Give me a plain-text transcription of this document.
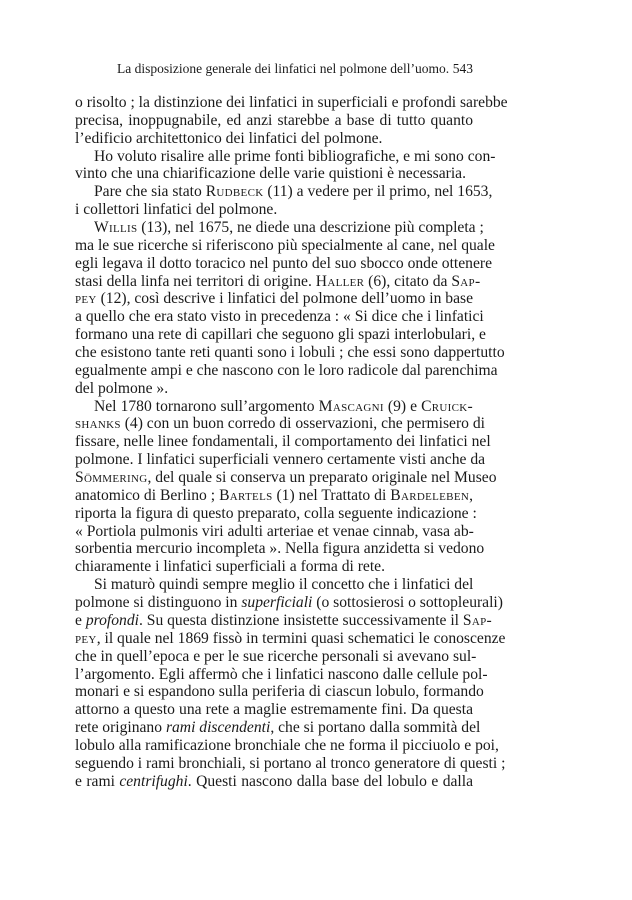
La disposizione generale dei linfatici nel polmone dell’uomo. 543
o risolto ; la distinzione dei linfatici in superficiali e profondi sarebbe
precisa, inoppugnabile, ed anzi starebbe a base di tutto quanto
l’edificio architettonico dei linfatici del polmone.
Ho voluto risalire alle prime fonti bibliografiche, e mi sono con-
vinto che una chiarificazione delle varie quistioni è necessaria.
Pare che sia stato Rudbeck (11) a vedere per il primo, nel 1653,
i collettori linfatici del polmone.
Willis (13), nel 1675, ne diede una descrizione più completa ;
ma le sue ricerche si riferiscono più specialmente al cane, nel quale
egli legava il dotto toracico nel punto del suo sbocco onde ottenere
stasi della linfa nei territori di origine. Haller (6), citato da Sap-
pey (12), così descrive i linfatici del polmone dell’uomo in base
a quello che era stato visto in precedenza : « Si dice che i linfatici
formano una rete di capillari che seguono gli spazi interlobulari, e
che esistono tante reti quanti sono i lobuli ; che essi sono dappertutto
egualmente ampi e che nascono con le loro radicole dal parenchima
del polmone ».
Nel 1780 tornarono sull’argomento Mascagni (9) e Cruick-
shanks (4) con un buon corredo di osservazioni, che permisero di
fissare, nelle linee fondamentali, il comportamento dei linfatici nel
polmone. I linfatici superficiali vennero certamente visti anche da
Sömmering, del quale si conserva un preparato originale nel Museo
anatomico di Berlino ; Bartels (1) nel Trattato di Bardeleben,
riporta la figura di questo preparato, colla seguente indicazione :
« Portiola pulmonis viri adulti arteriae et venae cinnab, vasa ab-
sorbentia mercurio incompleta ». Nella figura anzidetta si vedono
chiaramente i linfatici superficiali a forma di rete.
Si maturò quindi sempre meglio il concetto che i linfatici del
polmone si distinguono in superficiali (o sottosierosi o sottopleurali)
e profondi. Su questa distinzione insistette successivamente il Sap-
pey, il quale nel 1869 fissò in termini quasi schematici le conoscenze
che in quell’epoca e per le sue ricerche personali si avevano sul-
l’argomento. Egli affermò che i linfatici nascono dalle cellule pol-
monari e si espandono sulla periferia di ciascun lobulo, formando
attorno a questo una rete a maglie estremamente fini. Da questa
rete originano rami discendenti, che si portano dalla sommità del
lobulo alla ramificazione bronchiale che ne forma il picciuolo e poi,
seguendo i rami bronchiali, si portano al tronco generatore di questi ;
e rami centrifughi. Questi nascono dalla base del lobulo e dalla
